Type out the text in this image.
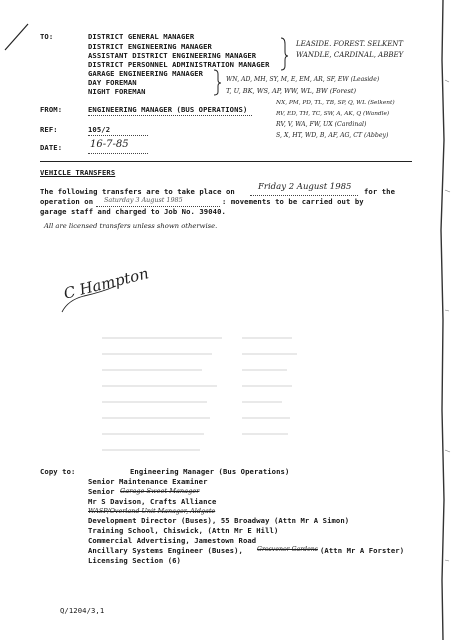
TO:	DISTRICT GENERAL MANAGER
DISTRICT ENGINEERING MANAGER
ASSISTANT DISTRICT ENGINEERING MANAGER
DISTRICT PERSONNEL ADMINISTRATION MANAGER
GARAGE ENGINEERING MANAGER
DAY FOREMAN
NIGHT FOREMAN
LEASIDE. FOREST. SELKENT
WANDLE, CARDINAL, ABBEY
WN, AD, MH, SY, M, E, EM, AR, SF, EW (Leaside)
T, U, BK, WS, AP, WW, WL, BW (Forest)
NX, PM, PD, TL, TB, SP, Q, WL (Selkent)
RV, ED, TH, TC, SW, A, AK, Q (Wandle)
RV, V, WA, FW, UX (Cardinal)
S, X, HT, WD, B, AF, AG, CT (Abbey)
FROM:	ENGINEERING MANAGER (BUS OPERATIONS)
REF:	105/2
DATE:	16-7-85
VEHICLE TRANSFERS
The following transfers are to take place on	Friday 2 August 1985 for the
operation on Saturday 3 August 1985	: movements to be carried out by
garage staff and charged to Job No. 39040.
All are licensed transfers unless shown otherwise.
C Hampton
Copy to:	Engineering Manager (Bus Operations)
Senior Maintenance Examiner
Senior Garage Sweet Manager
Mr S Davison, Crafts Alliance
WASP/Overland Unit Manager, Aldgate
Development Director (Buses), 55 Broadway (Attn Mr A Simon)
Training School, Chiswick, (Attn Mr E Hill)
Commercial Advertising, Jamestown Road
Ancillary Systems Engineer (Buses), Grosvenor Gardens (Attn Mr A Forster)
Licensing Section (6)
Q/1204/3,1
